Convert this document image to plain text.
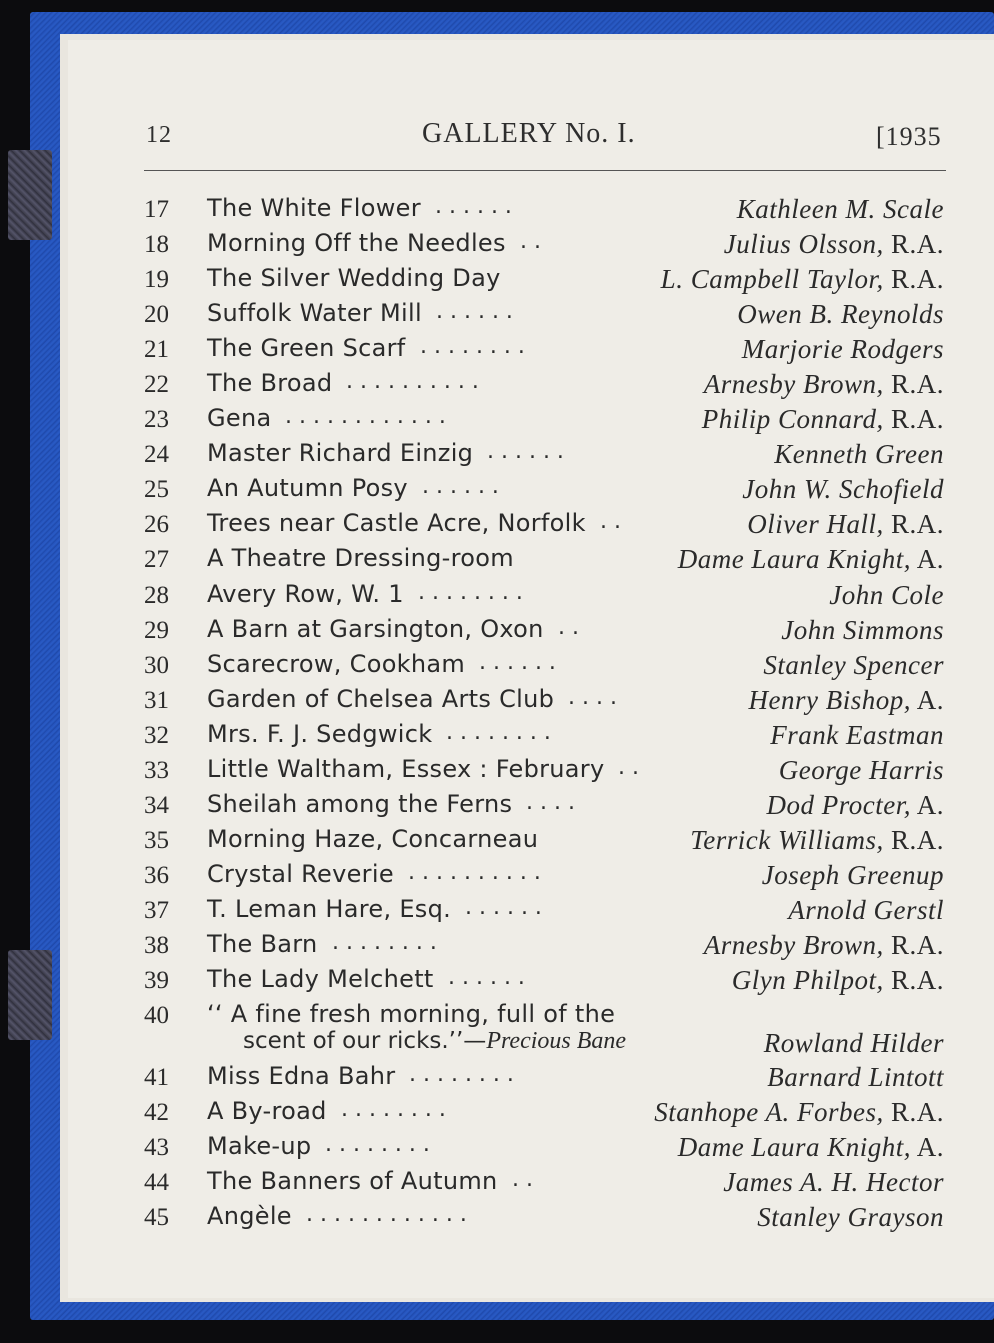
12	GALLERY No. I.	[1935
17 The White Flower . . . . . .	Kathleen M. Scale
18 Morning Off the Needles . .	Julius Olsson, R.A.
19 The Silver Wedding Day	L. Campbell Taylor, R.A.
20 Suffolk Water Mill . . . . . .	Owen B. Reynolds
21 The Green Scarf . . . . . . . .	Marjorie Rodgers
22 The Broad . . . . . . . . . .	Arnesby Brown, R.A.
23 Gena . . . . . . . . . . . .	Philip Connard, R.A.
24 Master Richard Einzig . . . . . .	Kenneth Green
25 An Autumn Posy . . . . . .	John W. Schofield
26 Trees near Castle Acre, Norfolk . .	Oliver Hall, R.A.
27 A Theatre Dressing-room	Dame Laura Knight, A.
28 Avery Row, W. 1 . . . . . . . .	John Cole
29 A Barn at Garsington, Oxon . .	John Simmons
30 Scarecrow, Cookham . . . . . .	Stanley Spencer
31 Garden of Chelsea Arts Club . . . .	Henry Bishop, A.
32 Mrs. F. J. Sedgwick . . . . . . . .	Frank Eastman
33 Little Waltham, Essex : February . .	George Harris
34 Sheilah among the Ferns . . . .	Dod Procter, A.
35 Morning Haze, Concarneau	Terrick Williams, R.A.
36 Crystal Reverie . . . . . . . . . .	Joseph Greenup
37 T. Leman Hare, Esq. . . . . . .	Arnold Gerstl
38 The Barn . . . . . . . .	Arnesby Brown, R.A.
39 The Lady Melchett . . . . . .	Glyn Philpot, R.A.
40 ‘‘ A fine fresh morning, full of the
scent of our ricks.’’—Precious Bane	Rowland Hilder
41 Miss Edna Bahr . . . . . . . .	Barnard Lintott
42 A By-road . . . . . . . .	Stanhope A. Forbes, R.A.
43 Make-up . . . . . . . .	Dame Laura Knight, A.
44 The Banners of Autumn . .	James A. H. Hector
45 Angèle . . . . . . . . . . . .	Stanley Grayson
